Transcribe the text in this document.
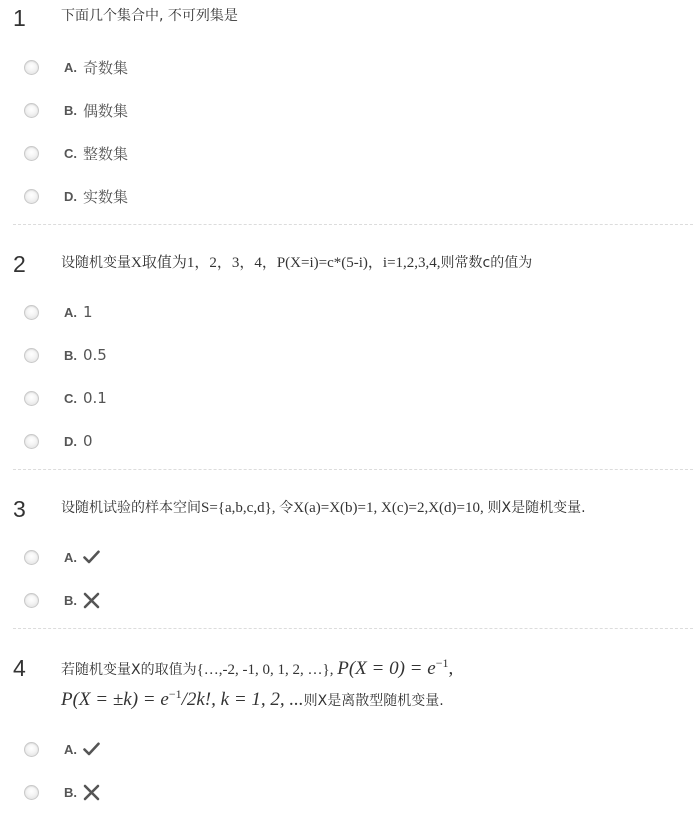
1	下面几个集合中, 不可列集是
A. 奇数集
B. 偶数集
C. 整数集
D. 实数集
2	设随机变量X取值为1，2，3，4，P(X=i)=c*(5-i)，i=1,2,3,4,则常数c的值为
A. 1
B. 0.5
C. 0.1
D. 0
3	设随机试验的样本空间S={a,b,c,d}, 令X(a)=X(b)=1, X(c)=2,X(d)=10, 则X是随机变量.
A.
B.
4	若随机变量X的取值为{…,-2, -1, 0, 1, 2, …}, $P(X = 0) = e^{-1}$,
$P(X = \pm k) = e^{-1}/2k$!, k = 1, 2, ...则X是离散型随机变量.
A.
B.
